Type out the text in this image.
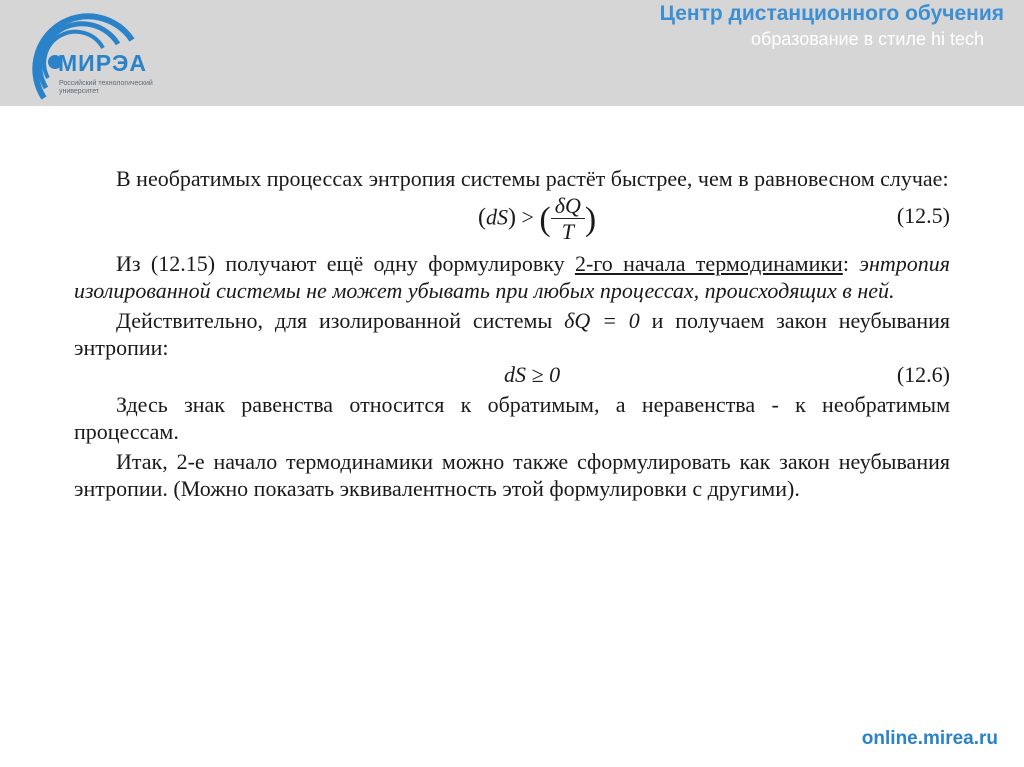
МИРЭА
Российский технологический университет
Центр дистанционного обучения
образование в стиле hi tech

В необратимых процессах энтропия системы растёт быстрее, чем в равновесном случае:

(dS) > ( $\frac{\delta Q}{T}$ )	(12.5)

Из (12.15) получают ещё одну формулировку 2-го начала термодинамики: энтропия изолированной системы не может убывать при любых процессах, происходящих в ней.

Действительно, для изолированной системы δQ = 0 и получаем закон неубывания энтропии:

dS ≥ 0	(12.6)

Здесь знак равенства относится к обратимым, а неравенства - к необратимым процессам.

Итак, 2-е начало термодинамики можно также сформулировать как закон неубывания энтропии. (Можно показать эквивалентность этой формулировки с другими).

online.mirea.ru
